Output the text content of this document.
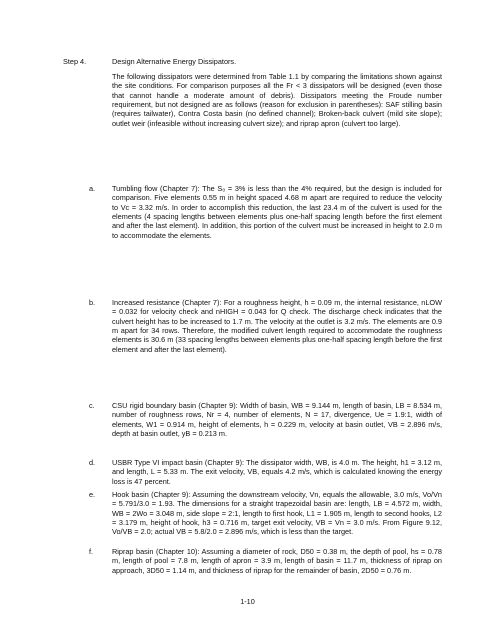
Step 4.	Design Alternative Energy Dissipators.
The following dissipators were determined from Table 1.1 by comparing the limitations shown against the site conditions. For comparison purposes all the Fr < 3 dissipators will be designed (even those that cannot handle a moderate amount of debris). Dissipators meeting the Froude number requirement, but not designed are as follows (reason for exclusion in parentheses): SAF stilling basin (requires tailwater), Contra Costa basin (no defined channel); Broken-back culvert (mild site slope); outlet weir (infeasible without increasing culvert size); and riprap apron (culvert too large).
a. Tumbling flow (Chapter 7): The S₀ = 3% is less than the 4% required, but the design is included for comparison. Five elements 0.55 m in height spaced 4.68 m apart are required to reduce the velocity to Vc = 3.32 m/s. In order to accomplish this reduction, the last 23.4 m of the culvert is used for the elements (4 spacing lengths between elements plus one-half spacing length before the first element and after the last element). In addition, this portion of the culvert must be increased in height to 2.0 m to accommodate the elements.
b. Increased resistance (Chapter 7): For a roughness height, h = 0.09 m, the internal resistance, nLOW = 0.032 for velocity check and nHIGH = 0.043 for Q check. The discharge check indicates that the culvert height has to be increased to 1.7 m. The velocity at the outlet is 3.2 m/s. The elements are 0.9 m apart for 34 rows. Therefore, the modified culvert length required to accommodate the roughness elements is 30.6 m (33 spacing lengths between elements plus one-half spacing length before the first element and after the last element).
c. CSU rigid boundary basin (Chapter 9): Width of basin, WB = 9.144 m, length of basin, LB = 8.534 m, number of roughness rows, Nr = 4, number of elements, N = 17, divergence, Ue = 1.9:1, width of elements, W1 = 0.914 m, height of elements, h = 0.229 m, velocity at basin outlet, VB = 2.896 m/s, depth at basin outlet, yB = 0.213 m.
d. USBR Type VI impact basin (Chapter 9): The dissipator width, WB, is 4.0 m. The height, h1 = 3.12 m, and length, L = 5.33 m. The exit velocity, VB, equals 4.2 m/s, which is calculated knowing the energy loss is 47 percent.
e. Hook basin (Chapter 9): Assuming the downstream velocity, Vn, equals the allowable, 3.0 m/s, Vo/Vn = 5.791/3.0 = 1.93. The dimensions for a straight trapezoidal basin are: length, LB = 4.572 m, width, WB = 2Wo = 3.048 m, side slope = 2:1, length to first hook, L1 = 1.905 m, length to second hooks, L2 = 3.179 m, height of hook, h3 = 0.716 m, target exit velocity, VB = Vn = 3.0 m/s. From Figure 9.12, Vo/VB = 2.0; actual VB = 5.8/2.0 = 2.896 m/s, which is less than the target.
f.	Riprap basin (Chapter 10): Assuming a diameter of rock, D50 = 0.38 m, the depth of pool, hs = 0.78 m, length of pool = 7.8 m, length of apron = 3.9 m, length of basin = 11.7 m, thickness of riprap on approach, 3D50 = 1.14 m, and thickness of riprap for the remainder of basin, 2D50 = 0.76 m.
1-10
